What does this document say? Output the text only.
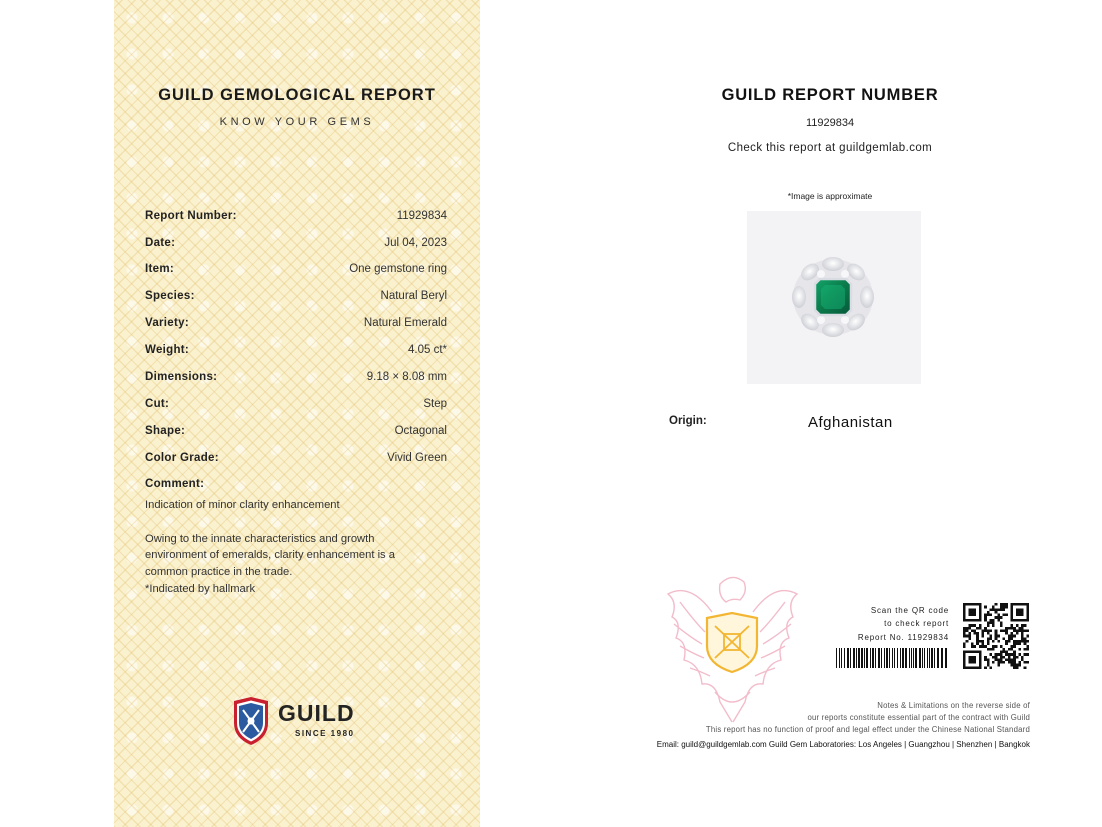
GUILD GEMOLOGICAL REPORT
KNOW YOUR GEMS
Report Number:	11929834
Date:	Jul 04, 2023
Item:	One gemstone ring
Species:	Natural Beryl
Variety:	Natural Emerald
Weight:	4.05 ct*
Dimensions:	9.18 × 8.08 mm
Cut:	Step
Shape:	Octagonal
Color Grade:	Vivid Green
Comment:
Indication of minor clarity enhancement
Owing to the innate characteristics and growth
environment of emeralds, clarity enhancement is a
common practice in the trade.
*Indicated by hallmark
GUILD
SINCE 1980
GUILD REPORT NUMBER
11929834
Check this report at guildgemlab.com
*Image is approximate
Origin:	Afghanistan
Scan the QR code
to check report
Report No. 11929834
Notes & Limitations on the reverse side of
our reports constitute essential part of the contract with Guild
This report has no function of proof and legal effect under the Chinese National Standard
Email: guild@guildgemlab.com Guild Gem Laboratories: Los Angeles | Guangzhou | Shenzhen | Bangkok
